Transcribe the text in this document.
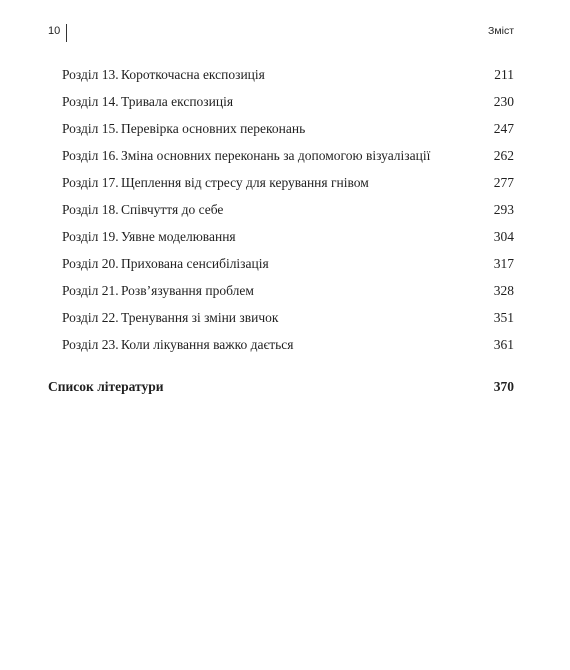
10	Зміст
Розділ 13. Короткочасна експозиція	211
Розділ 14. Тривала експозиція	230
Розділ 15. Перевірка основних переконань	247
Розділ 16. Зміна основних переконань за допомогою візуалізації	262
Розділ 17. Щеплення від стресу для керування гнівом	277
Розділ 18. Співчуття до себе	293
Розділ 19. Уявне моделювання	304
Розділ 20. Прихована сенсибілізація	317
Розділ 21. Розв’язування проблем	328
Розділ 22. Тренування зі зміни звичок	351
Розділ 23. Коли лікування важко дається	361
Список літератури	370
